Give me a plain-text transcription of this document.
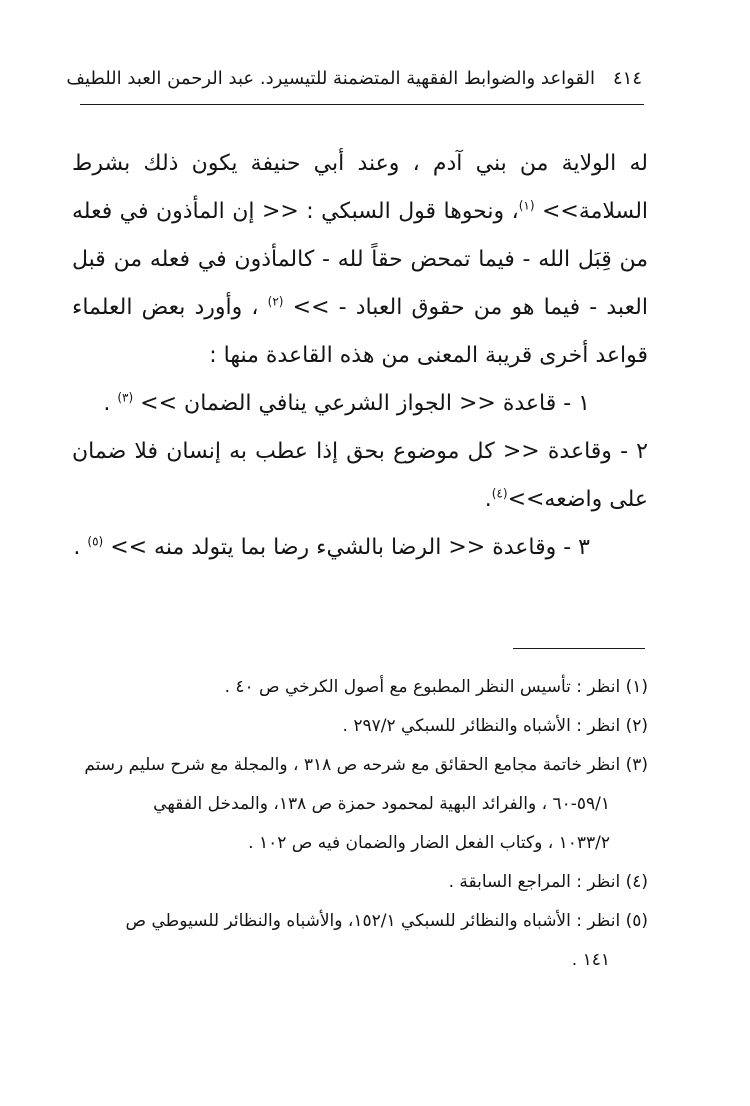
٤١٤
القواعد والضوابط الفقهية المتضمنة للتيسير
د. عبد الرحمن العبد اللطيف

له الولاية من بني آدم ، وعند أبي حنيفة يكون ذلك بشرط السلامة>> $^{(١)}$، ونحوها قول السبكي : << إن المأذون في فعله من قِبَل الله - فيما تمحض حقاً لله - كالمأذون في فعله من قبل العبد - فيما هو من حقوق العباد - >> $^{(٢)}$ ، وأورد بعض العلماء قواعد أخرى قريبة المعنى من هذه القاعدة منها :

١ - قاعدة << الجواز الشرعي ينافي الضمان >> $^{(٣)}$ .

٢ - وقاعدة << كل موضوع بحق إذا عطب به إنسان فلا ضمان على واضعه>>$^{(٤)}$.

٣ - وقاعدة << الرضا بالشيء رضا بما يتولد منه >> $^{(٥)}$ .

(١) انظر : تأسيس النظر المطبوع مع أصول الكرخي ص ٤٠ .

(٢) انظر : الأشباه والنظائر للسبكي ٢٩٧/٢ .

(٣) انظر خاتمة مجامع الحقائق مع شرحه ص ٣١٨ ، والمجلة مع شرح سليم رستم

٥٩/١-٦٠ ، والفرائد البهية لمحمود حمزة ص ١٣٨، والمدخل الفقهي

١٠٣٣/٢ ، وكتاب الفعل الضار والضمان فيه ص ١٠٢ .

(٤) انظر : المراجع السابقة .

(٥) انظر : الأشباه والنظائر للسبكي ١٥٢/١، والأشباه والنظائر للسيوطي ص

١٤١ .
